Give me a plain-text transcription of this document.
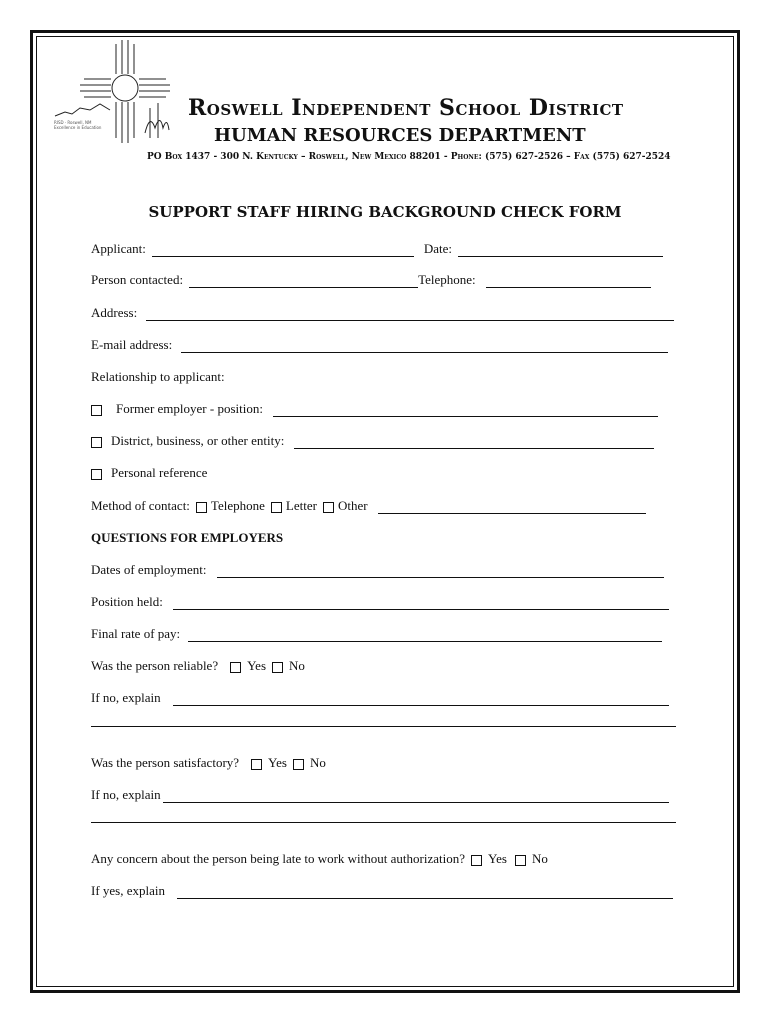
RISD · Roswell, NM
Excellence in Education
Roswell Independent School District
HUMAN RESOURCES DEPARTMENT
PO Box 1437 - 300 N. Kentucky – Roswell, New Mexico 88201 - Phone: (575) 627-2526 – Fax (575) 627-2524
SUPPORT STAFF HIRING BACKGROUND CHECK FORM
Applicant:	Date:
Person contacted:	Telephone:
Address:
E-mail address:
Relationship to applicant:
Former employer - position:
District, business, or other entity:
Personal reference
Method of contact: Telephone Letter Other
QUESTIONS FOR EMPLOYERS
Dates of employment:
Position held:
Final rate of pay:
Was the person reliable? Yes No
If no, explain
Was the person satisfactory? Yes No
If no, explain
Any concern about the person being late to work without authorization? Yes No
If yes, explain
